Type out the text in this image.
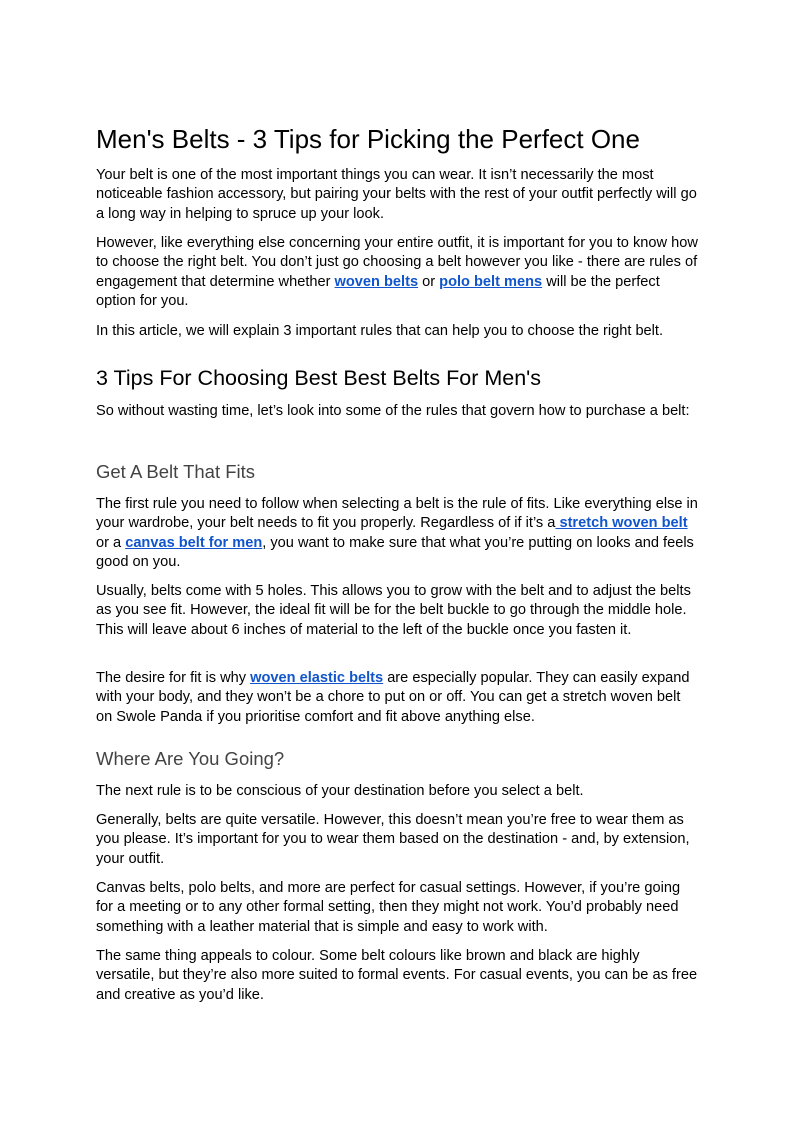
Men's Belts - 3 Tips for Picking the Perfect One

Your belt is one of the most important things you can wear. It isn’t necessarily the most noticeable fashion accessory, but pairing your belts with the rest of your outfit perfectly will go a long way in helping to spruce up your look.

However, like everything else concerning your entire outfit, it is important for you to know how to choose the right belt. You don’t just go choosing a belt however you like - there are rules of engagement that determine whether woven belts or polo belt mens will be the perfect option for you.

In this article, we will explain 3 important rules that can help you to choose the right belt.

3 Tips For Choosing Best Best Belts For Men's

So without wasting time, let’s look into some of the rules that govern how to purchase a belt:

Get A Belt That Fits

The first rule you need to follow when selecting a belt is the rule of fits. Like everything else in your wardrobe, your belt needs to fit you properly. Regardless of if it’s a stretch woven belt or a canvas belt for men, you want to make sure that what you’re putting on looks and feels good on you.

Usually, belts come with 5 holes. This allows you to grow with the belt and to adjust the belts as you see fit. However, the ideal fit will be for the belt buckle to go through the middle hole. This will leave about 6 inches of material to the left of the buckle once you fasten it.

The desire for fit is why woven elastic belts are especially popular. They can easily expand with your body, and they won’t be a chore to put on or off. You can get a stretch woven belt on Swole Panda if you prioritise comfort and fit above anything else.

Where Are You Going?

The next rule is to be conscious of your destination before you select a belt.

Generally, belts are quite versatile. However, this doesn’t mean you’re free to wear them as you please. It’s important for you to wear them based on the destination - and, by extension, your outfit.

Canvas belts, polo belts, and more are perfect for casual settings. However, if you’re going for a meeting or to any other formal setting, then they might not work. You’d probably need something with a leather material that is simple and easy to work with.

The same thing appeals to colour. Some belt colours like brown and black are highly versatile, but they’re also more suited to formal events. For casual events, you can be as free and creative as you’d like.
